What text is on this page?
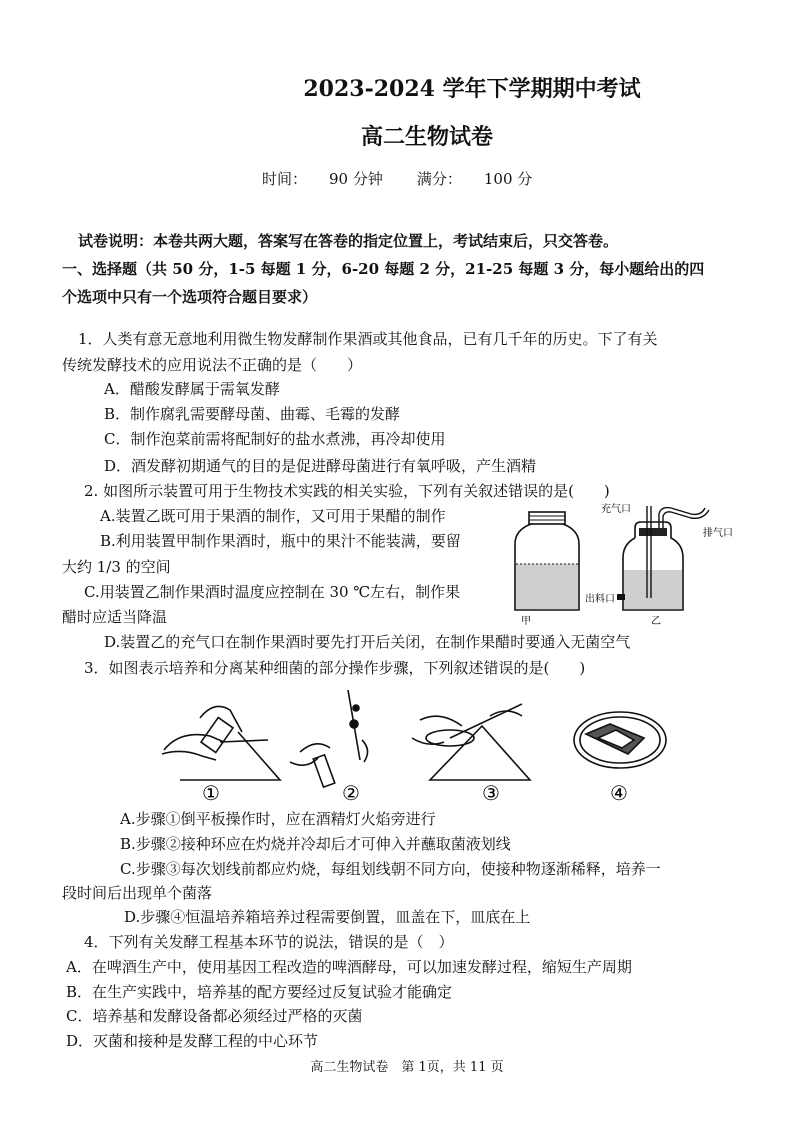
2023-2024 学年下学期期中考试
高二生物试卷
时间： 90 分钟 满分： 100 分
试卷说明：本卷共两大题，答案写在答卷的指定位置上，考试结束后，只交答卷。
一、选择题（共 50 分，1-5 每题 1 分，6-20 每题 2 分，21-25 每题 3 分，每小题给出的四
个选项中只有一个选项符合题目要求）
1．人类有意无意地利用微生物发酵制作果酒或其他食品，已有几千年的历史。下了有关
传统发酵技术的应用说法不正确的是（　　）
A．醋酸发酵属于需氧发酵
B．制作腐乳需要酵母菌、曲霉、毛霉的发酵
C．制作泡菜前需将配制好的盐水煮沸，再冷却使用
D．酒发酵初期通气的目的是促进酵母菌进行有氧呼吸，产生酒精
2. 如图所示装置可用于生物技术实践的相关实验，下列有关叙述错误的是(　　)
A.装置乙既可用于果酒的制作，又可用于果醋的制作
B.利用装置甲制作果酒时，瓶中的果汁不能装满，要留
大约 1/3 的空间
C.用装置乙制作果酒时温度应控制在 30 ℃左右，制作果
醋时应适当降温
D.装置乙的充气口在制作果酒时要先打开后关闭，在制作果醋时要通入无菌空气
充气口
排气口
出料口
甲	乙
3．如图表示培养和分离某种细菌的部分操作步骤，下列叙述错误的是(　　)
①	②	③	④
A.步骤①倒平板操作时，应在酒精灯火焰旁进行
B.步骤②接种环应在灼烧并冷却后才可伸入并蘸取菌液划线
C.步骤③每次划线前都应灼烧，每组划线朝不同方向，使接种物逐渐稀释，培养一
段时间后出现单个菌落
D.步骤④恒温培养箱培养过程需要倒置，皿盖在下，皿底在上
4．下列有关发酵工程基本环节的说法，错误的是（　）
A．在啤酒生产中，使用基因工程改造的啤酒酵母，可以加速发酵过程，缩短生产周期
B．在生产实践中，培养基的配方要经过反复试验才能确定
C．培养基和发酵设备都必须经过严格的灭菌
D．灭菌和接种是发酵工程的中心环节
高二生物试卷　第 1页，共 11 页
